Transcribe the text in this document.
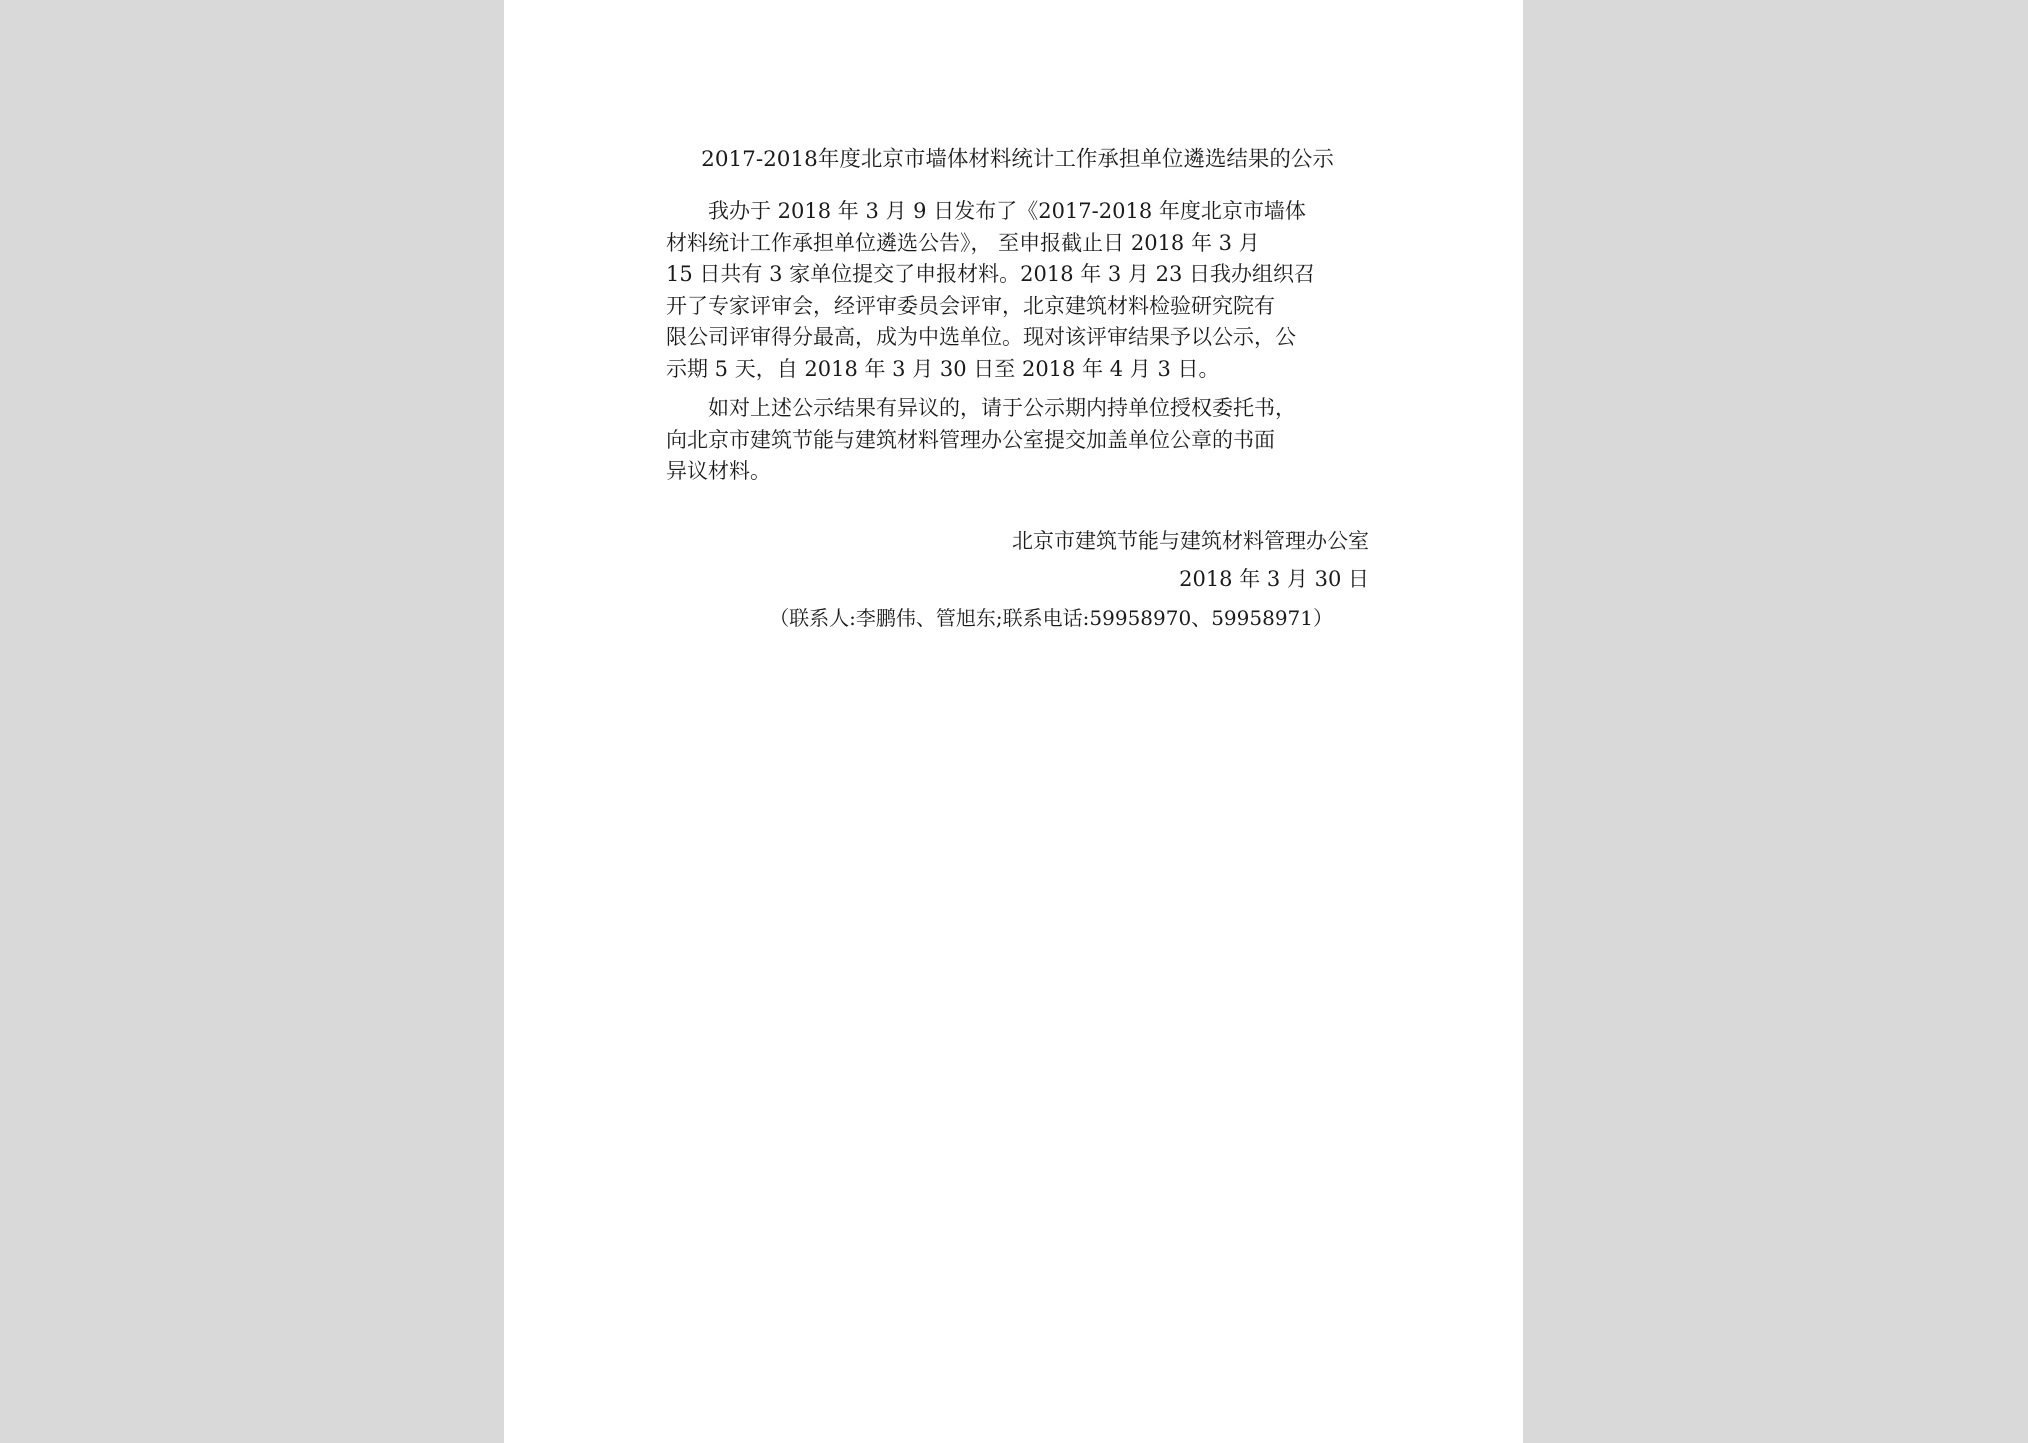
2017-2018年度北京市墙体材料统计工作承担单位遴选结果的公示

我办于 2018 年 3 月 9 日发布了《2017-2018 年度北京市墙体
材料统计工作承担单位遴选公告》， 至申报截止日 2018 年 3 月
15 日共有 3 家单位提交了申报材料。2018 年 3 月 23 日我办组织召
开了专家评审会，经评审委员会评审，北京建筑材料检验研究院有
限公司评审得分最高，成为中选单位。现对该评审结果予以公示，公
示期 5 天，自 2018 年 3 月 30 日至 2018 年 4 月 3 日。

如对上述公示结果有异议的，请于公示期内持单位授权委托书，
向北京市建筑节能与建筑材料管理办公室提交加盖单位公章的书面
异议材料。

北京市建筑节能与建筑材料管理办公室
2018 年 3 月 30 日
（联系人:李鹏伟、管旭东;联系电话:59958970、59958971）
